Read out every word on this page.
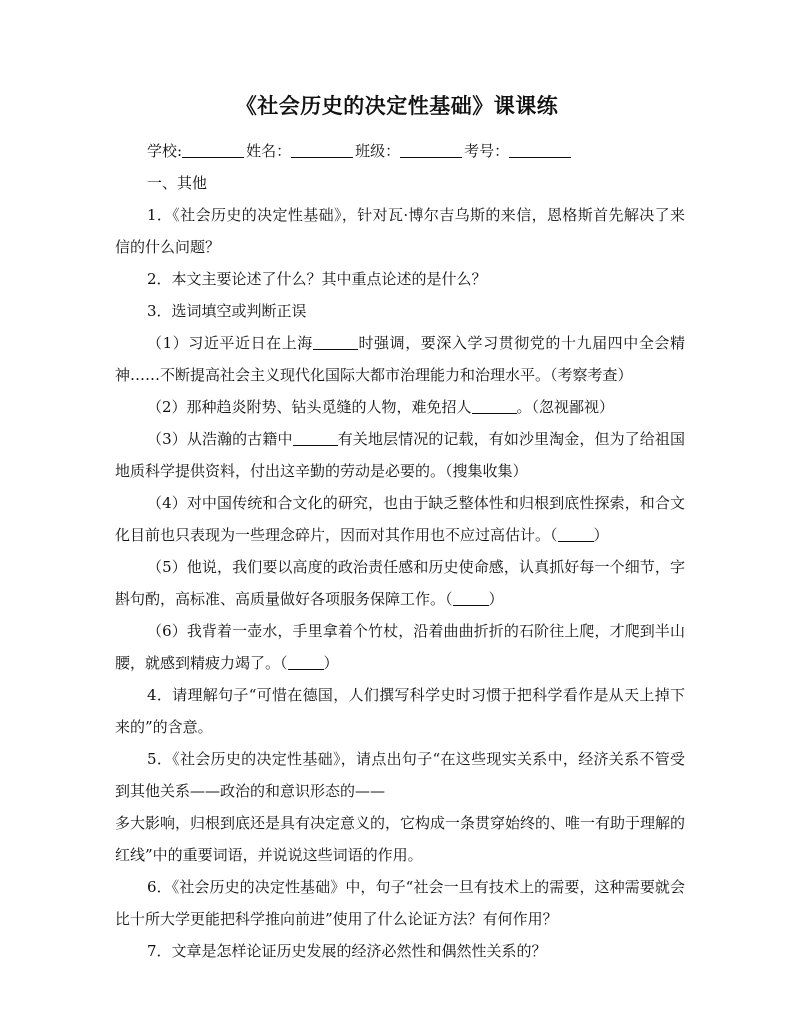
《社会历史的决定性基础》课课练
学校:	姓名：	班级：	考号：

一、其他

1．《社会历史的决定性基础》，针对瓦·博尔吉乌斯的来信，恩格斯首先解决了来信的什么问题？

2．本文主要论述了什么？其中重点论述的是什么？

3．选词填空或判断正误

（1）习近平近日在上海	时强调，要深入学习贯彻党的十九届四中全会精神……不断提高社会主义现代化国际大都市治理能力和治理水平。（考察考查）

（2）那种趋炎附势、钻头觅缝的人物，难免招人	。（忽视鄙视）

（3）从浩瀚的古籍中	有关地层情况的记载，有如沙里淘金，但为了给祖国地质科学提供资料，付出这辛勤的劳动是必要的。（搜集收集）

（4）对中国传统和合文化的研究，也由于缺乏整体性和归根到底性探索，和合文化目前也只表现为一些理念碎片，因而对其作用也不应过高估计。（ ）

（5）他说，我们要以高度的政治责任感和历史使命感，认真抓好每一个细节，字斟句酌，高标准、高质量做好各项服务保障工作。（ ）

（6）我背着一壶水，手里拿着个竹杖，沿着曲曲折折的石阶往上爬，才爬到半山腰，就感到精疲力竭了。（ ）

4．请理解句子“可惜在德国，人们撰写科学史时习惯于把科学看作是从天上掉下来的”的含意。

5．《社会历史的决定性基础》，请点出句子“在这些现实关系中，经济关系不管受到其他关系——政治的和意识形态的——

多大影响，归根到底还是具有决定意义的，它构成一条贯穿始终的、唯一有助于理解的红线”中的重要词语，并说说这些词语的作用。

6．《社会历史的决定性基础》中，句子“社会一旦有技术上的需要，这种需要就会比十所大学更能把科学推向前进”使用了什么论证方法？有何作用？

7．文章是怎样论证历史发展的经济必然性和偶然性关系的？
